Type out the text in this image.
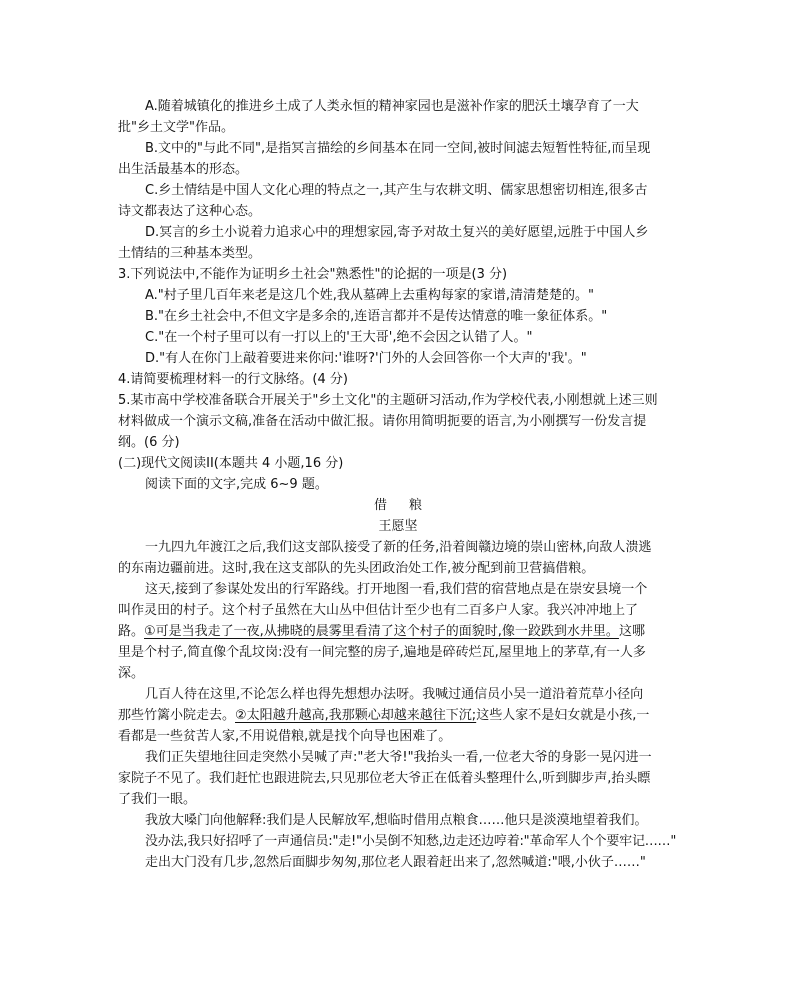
A.随着城镇化的推进乡土成了人类永恒的精神家园也是滋补作家的肥沃土壤孕育了一大
批"乡土文学"作品。
B.文中的"与此不同",是指冥言描绘的乡间基本在同一空间,被时间滤去短暂性特征,而呈现
出生活最基本的形态。
C.乡土情结是中国人文化心理的特点之一,其产生与农耕文明、儒家思想密切相连,很多古
诗文都表达了这种心态。
D.冥言的乡土小说着力追求心中的理想家园,寄予对故土复兴的美好愿望,远胜于中国人乡
土情结的三种基本类型。
3.下列说法中,不能作为证明乡土社会"熟悉性"的论据的一项是(3 分)
A."村子里几百年来老是这几个姓,我从墓碑上去重构每家的家谱,清清楚楚的。"
B."在乡土社会中,不但文字是多余的,连语言都并不是传达情意的唯一象征体系。"
C."在一个村子里可以有一打以上的'王大哥',绝不会因之认错了人。"
D."有人在你门上敲着要进来你问:'谁呀?'门外的人会回答你一个大声的'我'。"
4.请简要梳理材料一的行文脉络。(4 分)
5.某市高中学校准备联合开展关于"乡土文化"的主题研习活动,作为学校代表,小刚想就上述三则
材料做成一个演示文稿,准备在活动中做汇报。请你用简明扼要的语言,为小刚撰写一份发言提
纲。(6 分)
(二)现代文阅读II(本题共 4 小题,16 分)
阅读下面的文字,完成 6~9 题。
借粮
王愿坚
一九四九年渡江之后,我们这支部队接受了新的任务,沿着闽赣边境的崇山密林,向敌人溃逃
的东南边疆前进。这时,我在这支部队的先头团政治处工作,被分配到前卫营搞借粮。
这天,接到了参谋处发出的行军路线。打开地图一看,我们营的宿营地点是在崇安县境一个
叫作灵田的村子。这个村子虽然在大山丛中但估计至少也有二百多户人家。我兴冲冲地上了
路。①可是当我走了一夜,从拂晓的晨雾里看清了这个村子的面貌时,像一跤跌到水井里。这哪
里是个村子,简直像个乱坟岗:没有一间完整的房子,遍地是碎砖烂瓦,屋里地上的茅草,有一人多
深。
几百人待在这里,不论怎么样也得先想想办法呀。我喊过通信员小吴一道沿着荒草小径向
那些竹篱小院走去。②太阳越升越高,我那颗心却越来越往下沉;这些人家不是妇女就是小孩,一
看都是一些贫苦人家,不用说借粮,就是找个向导也困难了。
我们正失望地往回走突然小吴喊了声:"老大爷!"我抬头一看,一位老大爷的身影一晃闪进一
家院子不见了。我们赶忙也跟进院去,只见那位老大爷正在低着头整理什么,听到脚步声,抬头瞟
了我们一眼。
我放大嗓门向他解释:我们是人民解放军,想临时借用点粮食……他只是淡漠地望着我们。
没办法,我只好招呼了一声通信员:"走!"小吴倒不知愁,边走还边哼着:"革命军人个个要牢记……"
走出大门没有几步,忽然后面脚步匆匆,那位老人跟着赶出来了,忽然喊道:"喂,小伙子……"
